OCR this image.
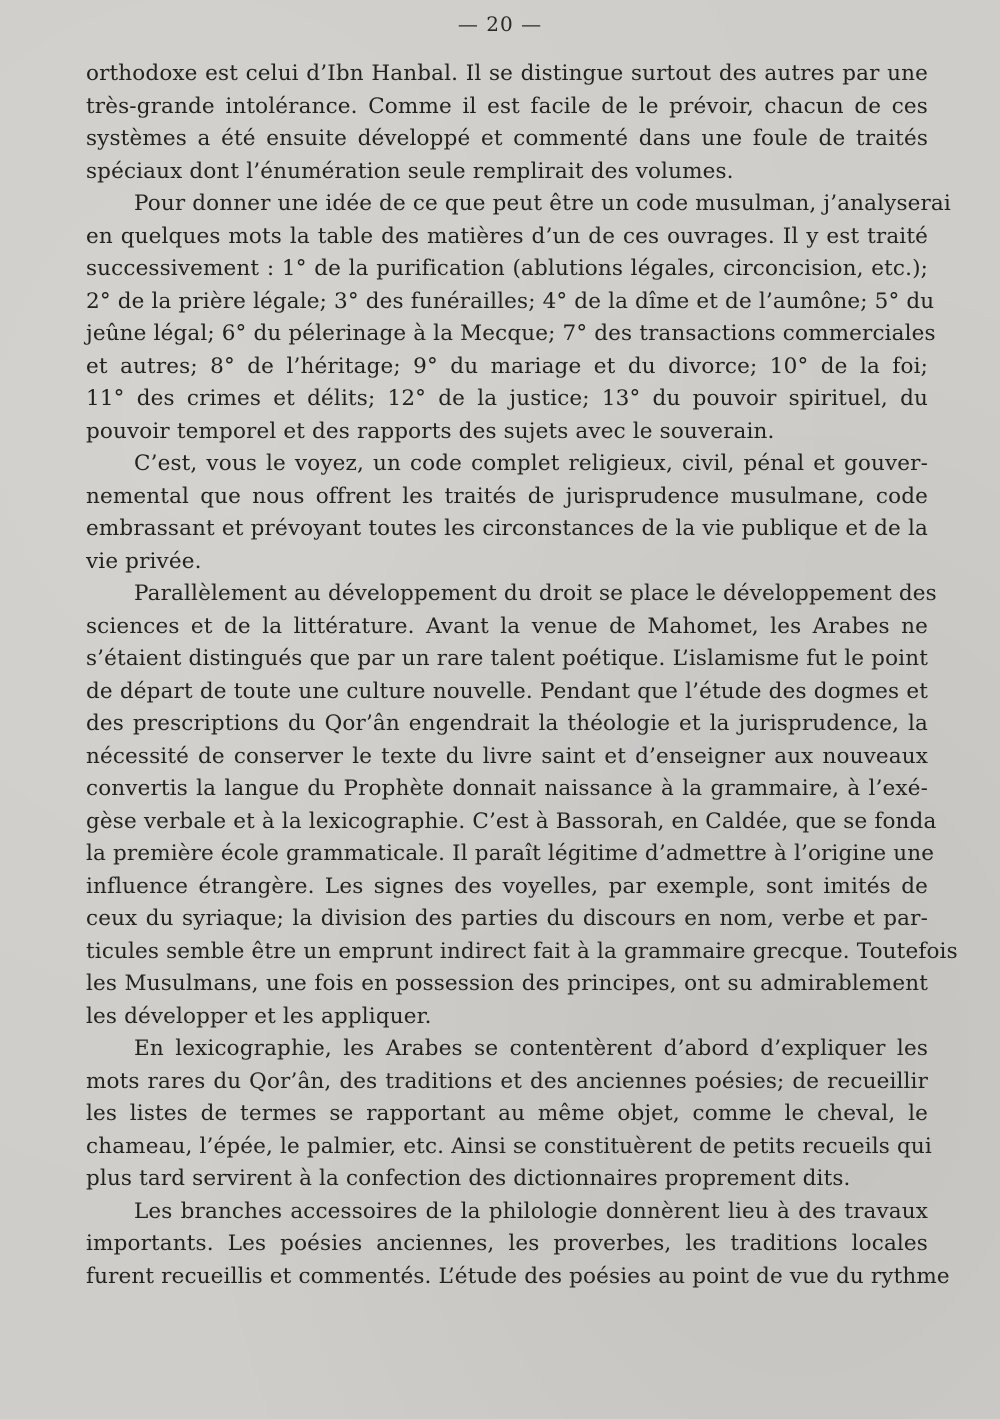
— 20 —
orthodoxe est celui d’Ibn Hanbal. Il se distingue surtout des autres par une
très-grande intolérance. Comme il est facile de le prévoir, chacun de ces
systèmes a été ensuite développé et commenté dans une foule de traités
spéciaux dont l’énumération seule remplirait des volumes.
Pour donner une idée de ce que peut être un code musulman, j’analyserai
en quelques mots la table des matières d’un de ces ouvrages. Il y est traité
successivement : 1° de la purification (ablutions légales, circoncision, etc.);
2° de la prière légale; 3° des funérailles; 4° de la dîme et de l’aumône; 5° du
jeûne légal; 6° du pélerinage à la Mecque; 7° des transactions commerciales
et autres; 8° de l’héritage; 9° du mariage et du divorce; 10° de la foi;
11° des crimes et délits; 12° de la justice; 13° du pouvoir spirituel, du
pouvoir temporel et des rapports des sujets avec le souverain.
C’est, vous le voyez, un code complet religieux, civil, pénal et gouver-
nemental que nous offrent les traités de jurisprudence musulmane, code
embrassant et prévoyant toutes les circonstances de la vie publique et de la
vie privée.
Parallèlement au développement du droit se place le développement des
sciences et de la littérature. Avant la venue de Mahomet, les Arabes ne
s’étaient distingués que par un rare talent poétique. L’islamisme fut le point
de départ de toute une culture nouvelle. Pendant que l’étude des dogmes et
des prescriptions du Qor’ân engendrait la théologie et la jurisprudence, la
nécessité de conserver le texte du livre saint et d’enseigner aux nouveaux
convertis la langue du Prophète donnait naissance à la grammaire, à l’exé-
gèse verbale et à la lexicographie. C’est à Bassorah, en Caldée, que se fonda
la première école grammaticale. Il paraît légitime d’admettre à l’origine une
influence étrangère. Les signes des voyelles, par exemple, sont imités de
ceux du syriaque; la division des parties du discours en nom, verbe et par-
ticules semble être un emprunt indirect fait à la grammaire grecque. Toutefois
les Musulmans, une fois en possession des principes, ont su admirablement
les développer et les appliquer.
En lexicographie, les Arabes se contentèrent d’abord d’expliquer les
mots rares du Qor’ân, des traditions et des anciennes poésies; de recueillir
les listes de termes se rapportant au même objet, comme le cheval, le
chameau, l’épée, le palmier, etc. Ainsi se constituèrent de petits recueils qui
plus tard servirent à la confection des dictionnaires proprement dits.
Les branches accessoires de la philologie donnèrent lieu à des travaux
importants. Les poésies anciennes, les proverbes, les traditions locales
furent recueillis et commentés. L’étude des poésies au point de vue du rythme
